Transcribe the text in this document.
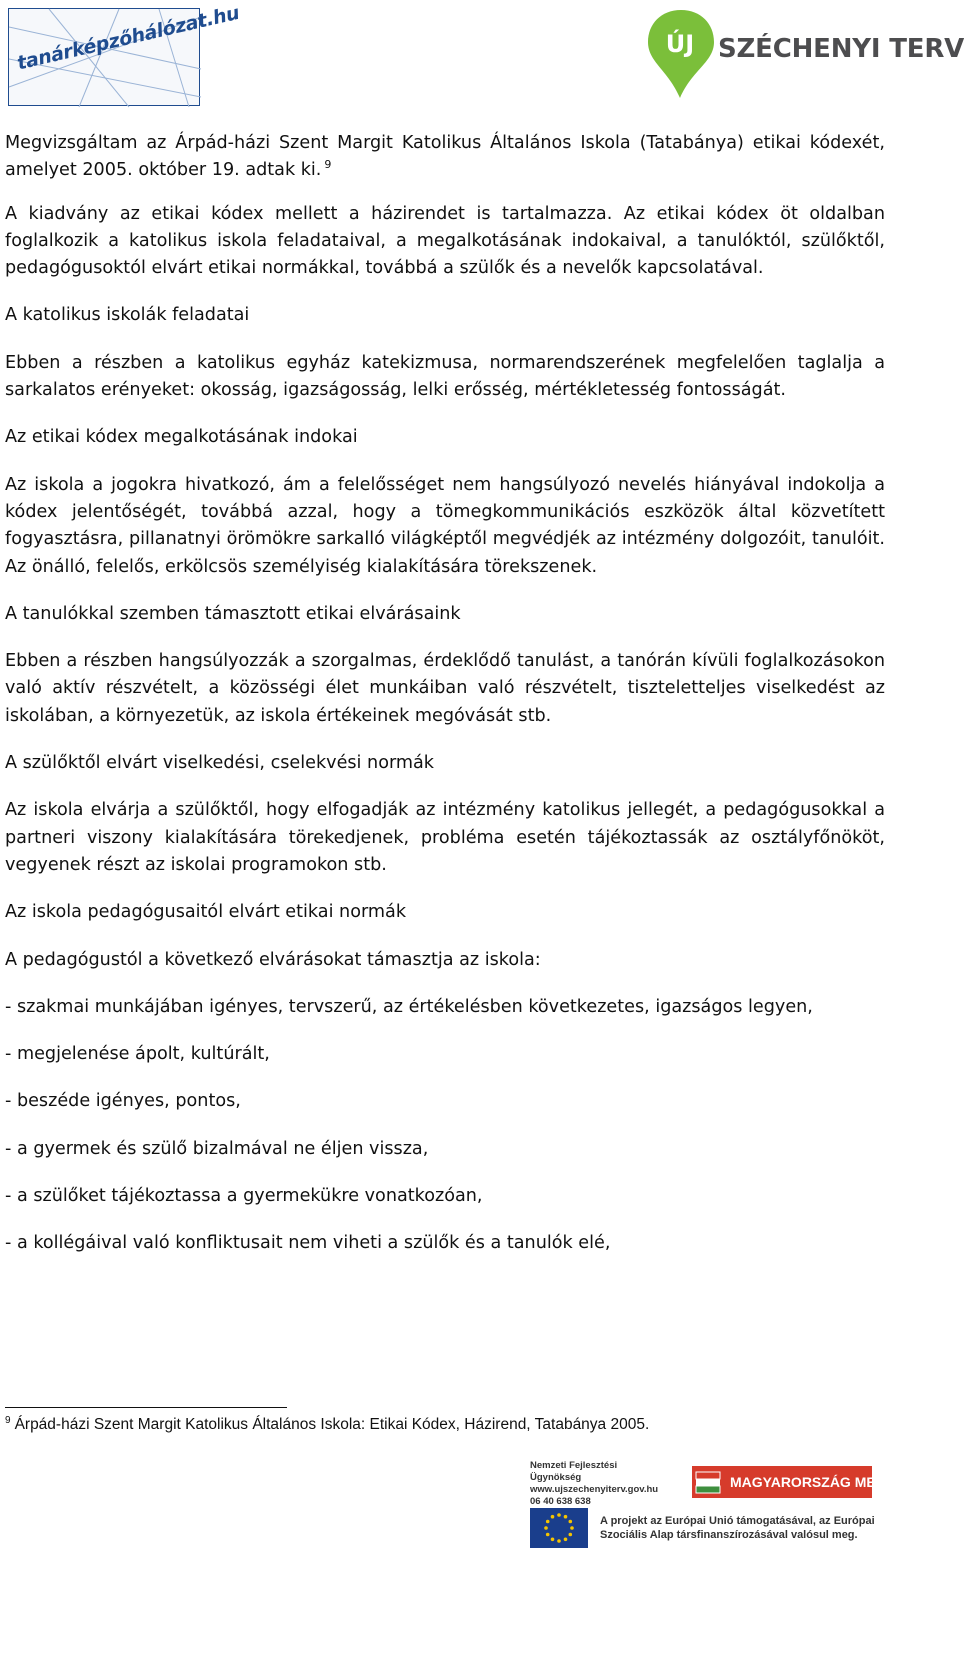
tanárképzőhálózat.hu	ÚJ SZÉCHENYI TERV

Megvizsgáltam az Árpád-házi Szent Margit Katolikus Általános Iskola (Tatabánya) etikai kódexét, amelyet 2005. október 19. adtak ki. $^9$

A kiadvány az etikai kódex mellett a házirendet is tartalmazza. Az etikai kódex öt oldalban foglalkozik a katolikus iskola feladataival, a megalkotásának indokaival, a tanulóktól, szülőktől, pedagógusoktól elvárt etikai normákkal, továbbá a szülők és a nevelők kapcsolatával.

A katolikus iskolák feladatai

Ebben a részben a katolikus egyház katekizmusa, normarendszerének megfelelően taglalja a sarkalatos erényeket: okosság, igazságosság, lelki erősség, mértékletesség fontosságát.

Az etikai kódex megalkotásának indokai

Az iskola a jogokra hivatkozó, ám a felelősséget nem hangsúlyozó nevelés hiányával indokolja a kódex jelentőségét, továbbá azzal, hogy a tömegkommunikációs eszközök által közvetített fogyasztásra, pillanatnyi örömökre sarkalló világképtől megvédjék az intézmény dolgozóit, tanulóit. Az önálló, felelős, erkölcsös személyiség kialakítására törekszenek.

A tanulókkal szemben támasztott etikai elvárásaink

Ebben a részben hangsúlyozzák a szorgalmas, érdeklődő tanulást, a tanórán kívüli foglalkozásokon való aktív részvételt, a közösségi élet munkáiban való részvételt, tiszteletteljes viselkedést az iskolában, a környezetük, az iskola értékeinek megóvását stb.

A szülőktől elvárt viselkedési, cselekvési normák

Az iskola elvárja a szülőktől, hogy elfogadják az intézmény katolikus jellegét, a pedagógusokkal a partneri viszony kialakítására törekedjenek, probléma esetén tájékoztassák az osztályfőnököt, vegyenek részt az iskolai programokon stb.

Az iskola pedagógusaitól elvárt etikai normák

A pedagógustól a következő elvárásokat támasztja az iskola:

- szakmai munkájában igényes, tervszerű, az értékelésben következetes, igazságos legyen,

- megjelenése ápolt, kultúrált,

- beszéde igényes, pontos,

- a gyermek és szülő bizalmával ne éljen vissza,

- a szülőket tájékoztassa a gyermekükre vonatkozóan,

- a kollégáival való konfliktusait nem viheti a szülők és a tanulók elé,

$^9$ Árpád-házi Szent Margit Katolikus Általános Iskola: Etikai Kódex, Házirend, Tatabánya 2005.
Nemzeti Fejlesztési Ügynökség
www.ujszechenyiterv.gov.hu
06 40 638 638
MAGYARORSZÁG MEGÚJUL
A projekt az Európai Unió támogatásával, az Európai
Szociális Alap társfinanszírozásával valósul meg.
